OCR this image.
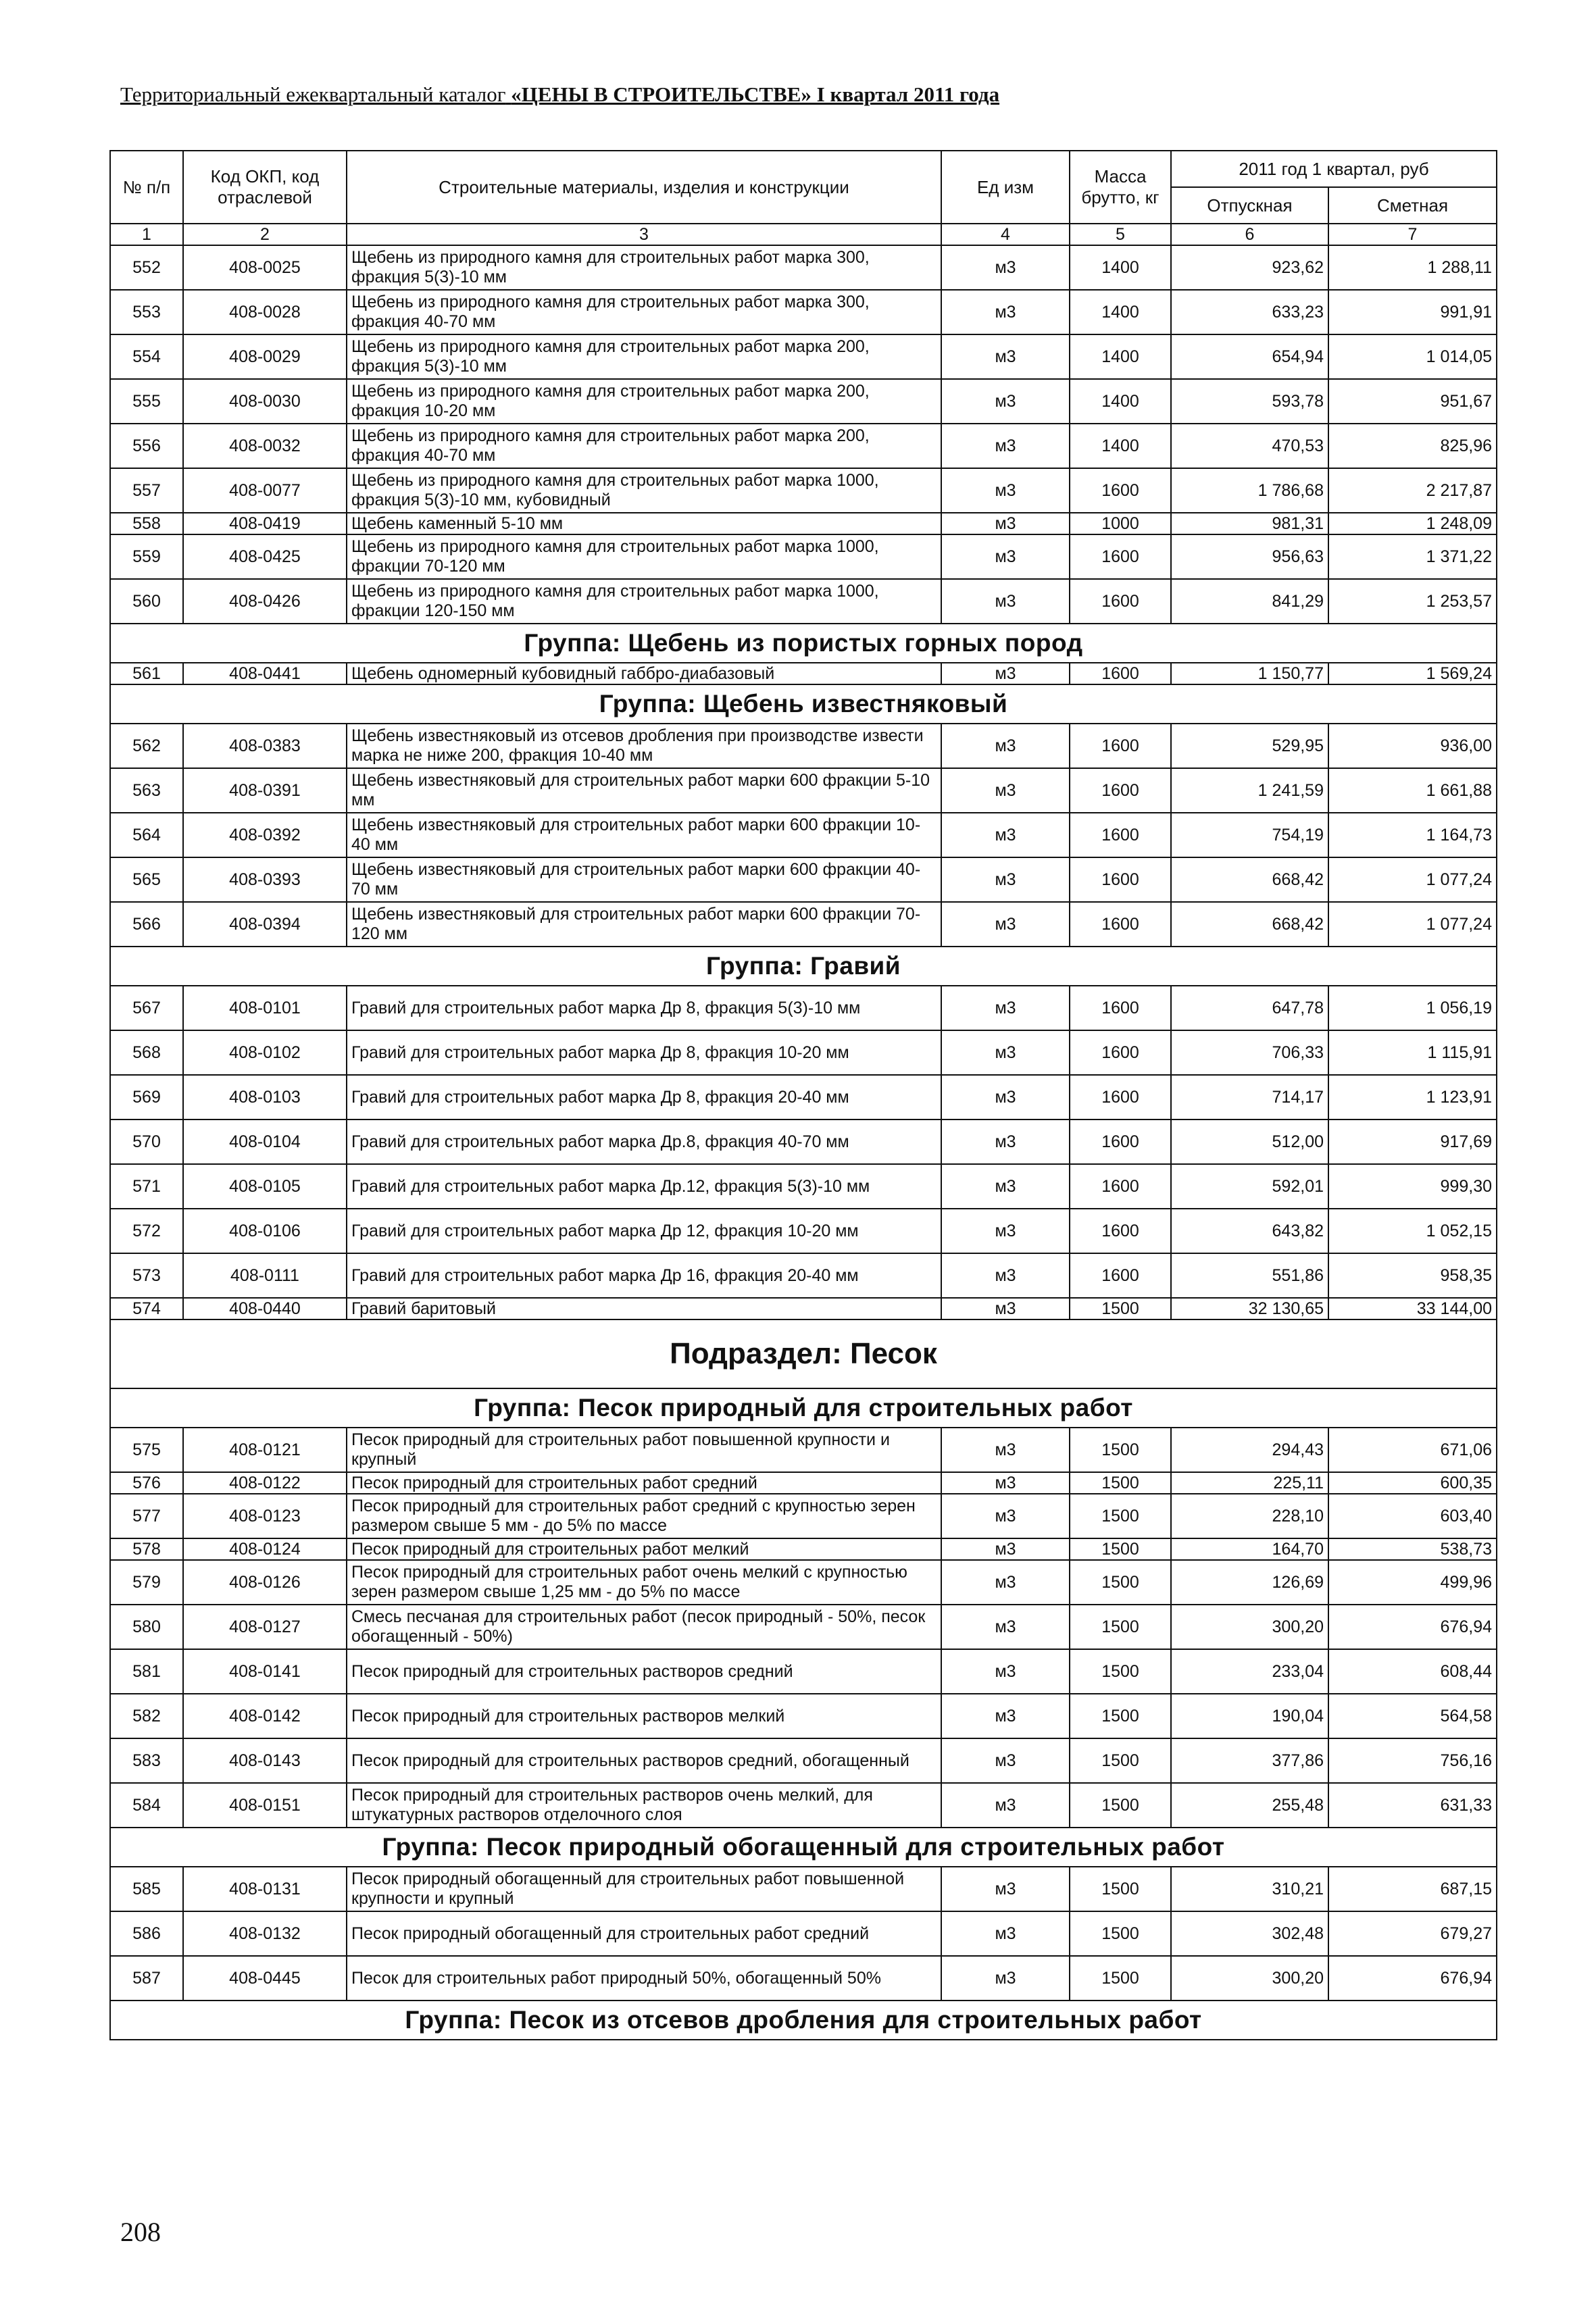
Территориальный ежеквартальный каталог «ЦЕНЫ В СТРОИТЕЛЬСТВЕ» I квартал 2011 года
№ п/п	Код ОКП, код отраслевой	Строительные материалы, изделия и конструкции	Ед изм	Масса брутто, кг	2011 год 1 квартал, руб	
					Отпускная	Сметная
1	2	3	4	5	6	7
552	408-0025	Щебень из природного камня для строительных работ марка 300, фракция 5(3)-10 мм	м3	1400	923,62	1 288,11
553	408-0028	Щебень из природного камня для строительных работ марка 300, фракция 40-70 мм	м3	1400	633,23	991,91
554	408-0029	Щебень из природного камня для строительных работ марка 200, фракция 5(3)-10 мм	м3	1400	654,94	1 014,05
555	408-0030	Щебень из природного камня для строительных работ марка 200, фракция 10-20 мм	м3	1400	593,78	951,67
556	408-0032	Щебень из природного камня для строительных работ марка 200, фракция 40-70 мм	м3	1400	470,53	825,96
557	408-0077	Щебень из природного камня для строительных работ марка 1000, фракция 5(3)-10 мм, кубовидный	м3	1600	1 786,68	2 217,87
558	408-0419	Щебень каменный 5-10 мм	м3	1000	981,31	1 248,09
559	408-0425	Щебень из природного камня для строительных работ марка 1000, фракции 70-120 мм	м3	1600	956,63	1 371,22
560	408-0426	Щебень из природного камня для строительных работ марка 1000, фракции 120-150 мм	м3	1600	841,29	1 253,57
Группа: Щебень из пористых горных пород						
561	408-0441	Щебень одномерный кубовидный габбро-диабазовый	м3	1600	1 150,77	1 569,24
Группа: Щебень известняковый						
562	408-0383	Щебень известняковый из отсевов дробления при производстве извести марка не ниже 200, фракция 10-40 мм	м3	1600	529,95	936,00
563	408-0391	Щебень известняковый для строительных работ марки 600 фракции 5-10 мм	м3	1600	1 241,59	1 661,88
564	408-0392	Щебень известняковый для строительных работ марки 600 фракции 10-40 мм	м3	1600	754,19	1 164,73
565	408-0393	Щебень известняковый для строительных работ марки 600 фракции 40-70 мм	м3	1600	668,42	1 077,24
566	408-0394	Щебень известняковый для строительных работ марки 600 фракции 70-120 мм	м3	1600	668,42	1 077,24
Группа: Гравий						
567	408-0101	Гравий для строительных работ марка Др 8, фракция 5(3)-10 мм	м3	1600	647,78	1 056,19
568	408-0102	Гравий для строительных работ марка Др 8, фракция 10-20 мм	м3	1600	706,33	1 115,91
569	408-0103	Гравий для строительных работ марка Др 8, фракция 20-40 мм	м3	1600	714,17	1 123,91
570	408-0104	Гравий для строительных работ марка Др.8, фракция 40-70 мм	м3	1600	512,00	917,69
571	408-0105	Гравий для строительных работ марка Др.12, фракция 5(3)-10 мм	м3	1600	592,01	999,30
572	408-0106	Гравий для строительных работ марка Др 12, фракция 10-20 мм	м3	1600	643,82	1 052,15
573	408-0111	Гравий для строительных работ марка Др 16, фракция 20-40 мм	м3	1600	551,86	958,35
574	408-0440	Гравий баритовый	м3	1500	32 130,65	33 144,00
Подраздел: Песок						
Группа: Песок природный для строительных работ						
575	408-0121	Песок природный для строительных работ повышенной крупности и крупный	м3	1500	294,43	671,06
576	408-0122	Песок природный для строительных работ средний	м3	1500	225,11	600,35
577	408-0123	Песок природный для строительных работ средний с крупностью зерен размером свыше 5 мм - до 5% по массе	м3	1500	228,10	603,40
578	408-0124	Песок природный для строительных работ мелкий	м3	1500	164,70	538,73
579	408-0126	Песок природный для строительных работ очень мелкий с крупностью зерен размером свыше 1,25 мм - до 5% по массе	м3	1500	126,69	499,96
580	408-0127	Смесь песчаная для строительных работ (песок природный - 50%, песок обогащенный - 50%)	м3	1500	300,20	676,94
581	408-0141	Песок природный для строительных растворов средний	м3	1500	233,04	608,44
582	408-0142	Песок природный для строительных растворов мелкий	м3	1500	190,04	564,58
583	408-0143	Песок природный для строительных растворов средний, обогащенный	м3	1500	377,86	756,16
584	408-0151	Песок природный для строительных растворов очень мелкий, для штукатурных растворов отделочного слоя	м3	1500	255,48	631,33
Группа: Песок природный обогащенный для строительных работ						
585	408-0131	Песок природный обогащенный для строительных работ повышенной крупности и крупный	м3	1500	310,21	687,15
586	408-0132	Песок природный обогащенный для строительных работ средний	м3	1500	302,48	679,27
587	408-0445	Песок для строительных работ природный 50%, обогащенный 50%	м3	1500	300,20	676,94
Группа: Песок из отсевов дробления для строительных работ						
208
